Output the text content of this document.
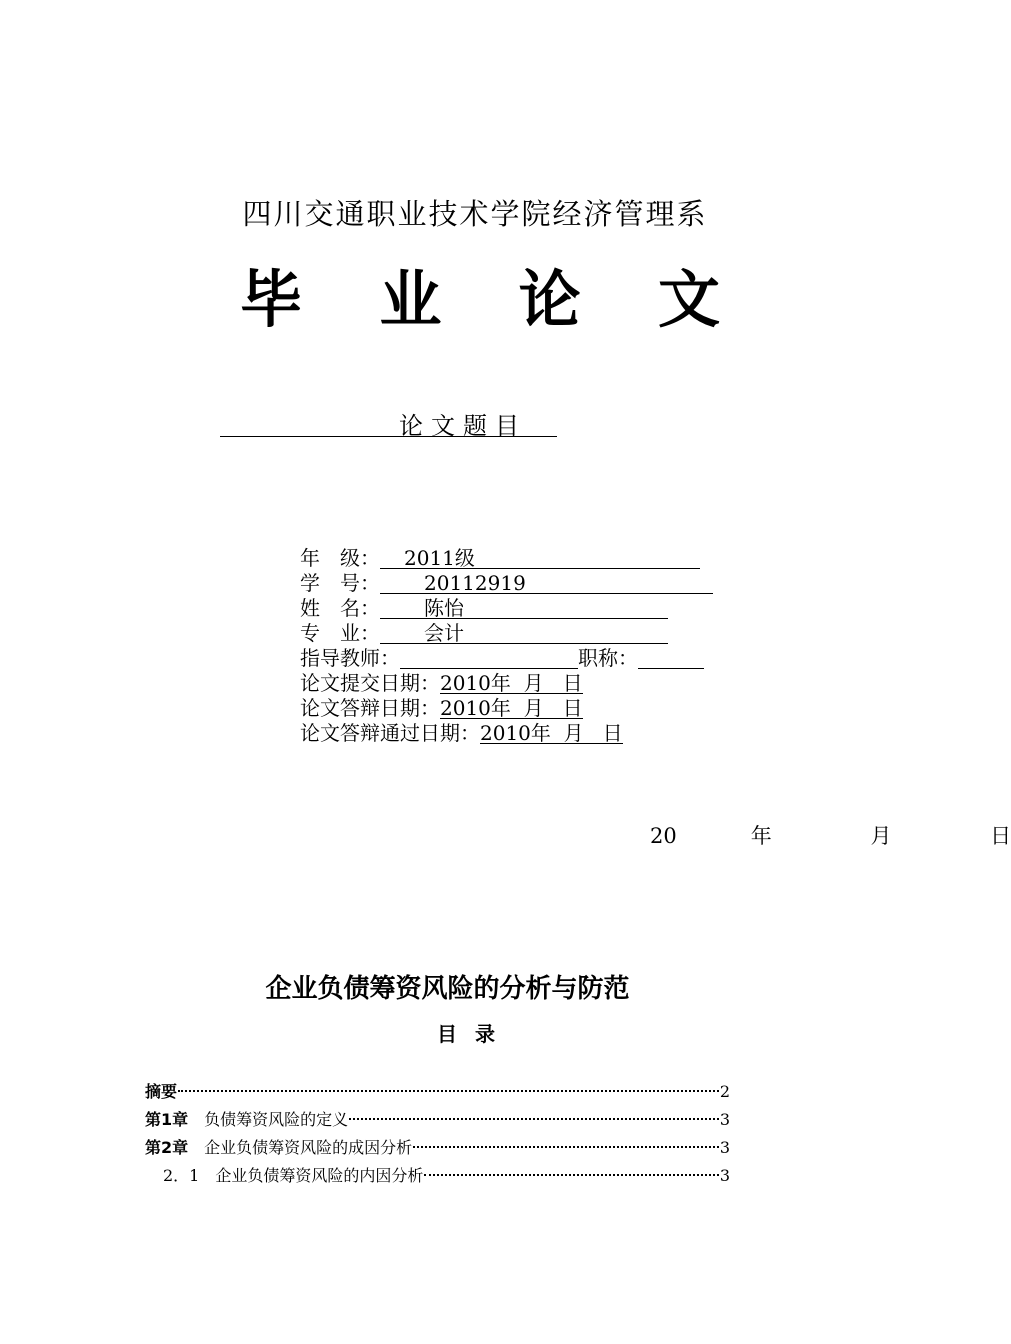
四川交通职业技术学院经济管理系
毕 业 论 文
论文题目
年　级： 2011级
学　号： 20112919
姓　名： 陈怡
专　业： 会计
指导教师：	职称：
论文提交日期：2010年  月   日
论文答辩日期：2010年  月   日
论文答辩通过日期：2010年  月   日
20   年    月    日
企业负债筹资风险的分析与防范
目录
摘要	2
第1章  负债筹资风险的定义	3
第2章  企业负债筹资风险的成因分析	3
2．1  企业负债筹资风险的内因分析	3
